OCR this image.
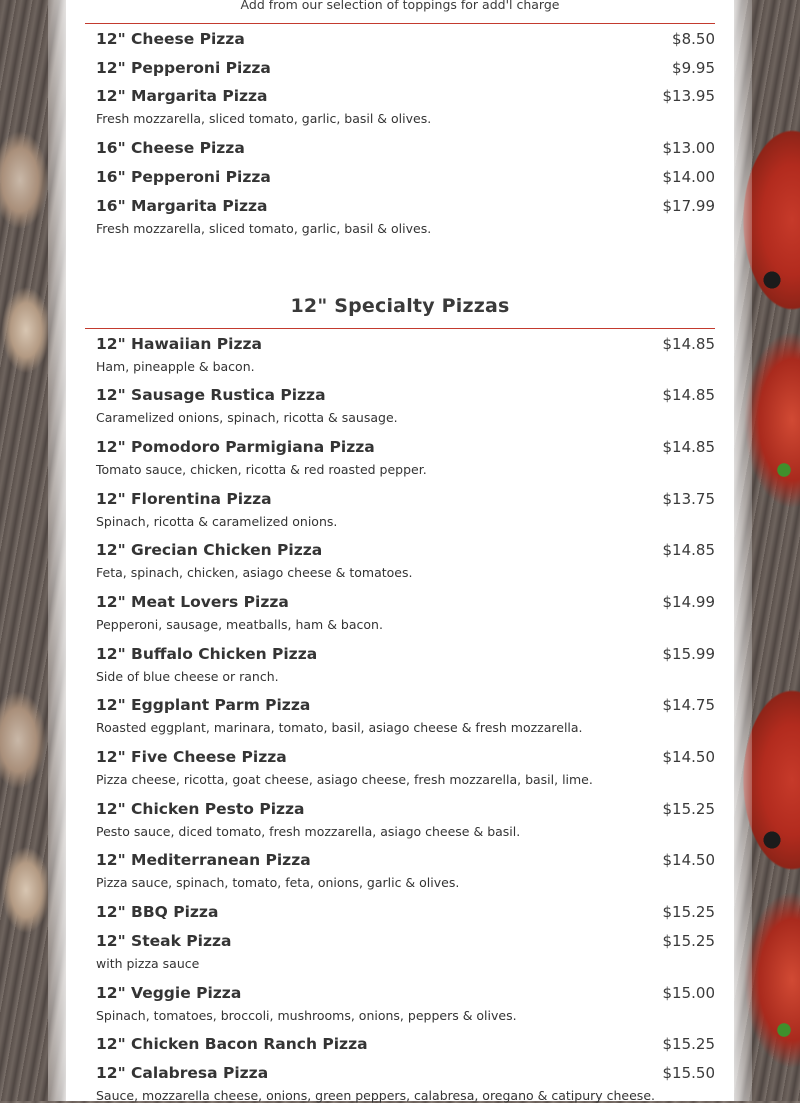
Add from our selection of toppings for add'l charge
12" Cheese Pizza	$8.50
12" Pepperoni Pizza	$9.95
12" Margarita Pizza	$13.95
Fresh mozzarella, sliced tomato, garlic, basil & olives.
16" Cheese Pizza	$13.00
16" Pepperoni Pizza	$14.00
16" Margarita Pizza	$17.99
Fresh mozzarella, sliced tomato, garlic, basil & olives.
12" Specialty Pizzas
12" Hawaiian Pizza	$14.85
Ham, pineapple & bacon.
12" Sausage Rustica Pizza	$14.85
Caramelized onions, spinach, ricotta & sausage.
12" Pomodoro Parmigiana Pizza	$14.85
Tomato sauce, chicken, ricotta & red roasted pepper.
12" Florentina Pizza	$13.75
Spinach, ricotta & caramelized onions.
12" Grecian Chicken Pizza	$14.85
Feta, spinach, chicken, asiago cheese & tomatoes.
12" Meat Lovers Pizza	$14.99
Pepperoni, sausage, meatballs, ham & bacon.
12" Buffalo Chicken Pizza	$15.99
Side of blue cheese or ranch.
12" Eggplant Parm Pizza	$14.75
Roasted eggplant, marinara, tomato, basil, asiago cheese & fresh mozzarella.
12" Five Cheese Pizza	$14.50
Pizza cheese, ricotta, goat cheese, asiago cheese, fresh mozzarella, basil, lime.
12" Chicken Pesto Pizza	$15.25
Pesto sauce, diced tomato, fresh mozzarella, asiago cheese & basil.
12" Mediterranean Pizza	$14.50
Pizza sauce, spinach, tomato, feta, onions, garlic & olives.
12" BBQ Pizza	$15.25
12" Steak Pizza	$15.25
with pizza sauce
12" Veggie Pizza	$15.00
Spinach, tomatoes, broccoli, mushrooms, onions, peppers & olives.
12" Chicken Bacon Ranch Pizza	$15.25
12" Calabresa Pizza	$15.50
Sauce, mozzarella cheese, onions, green peppers, calabresa, oregano & catipury cheese.
